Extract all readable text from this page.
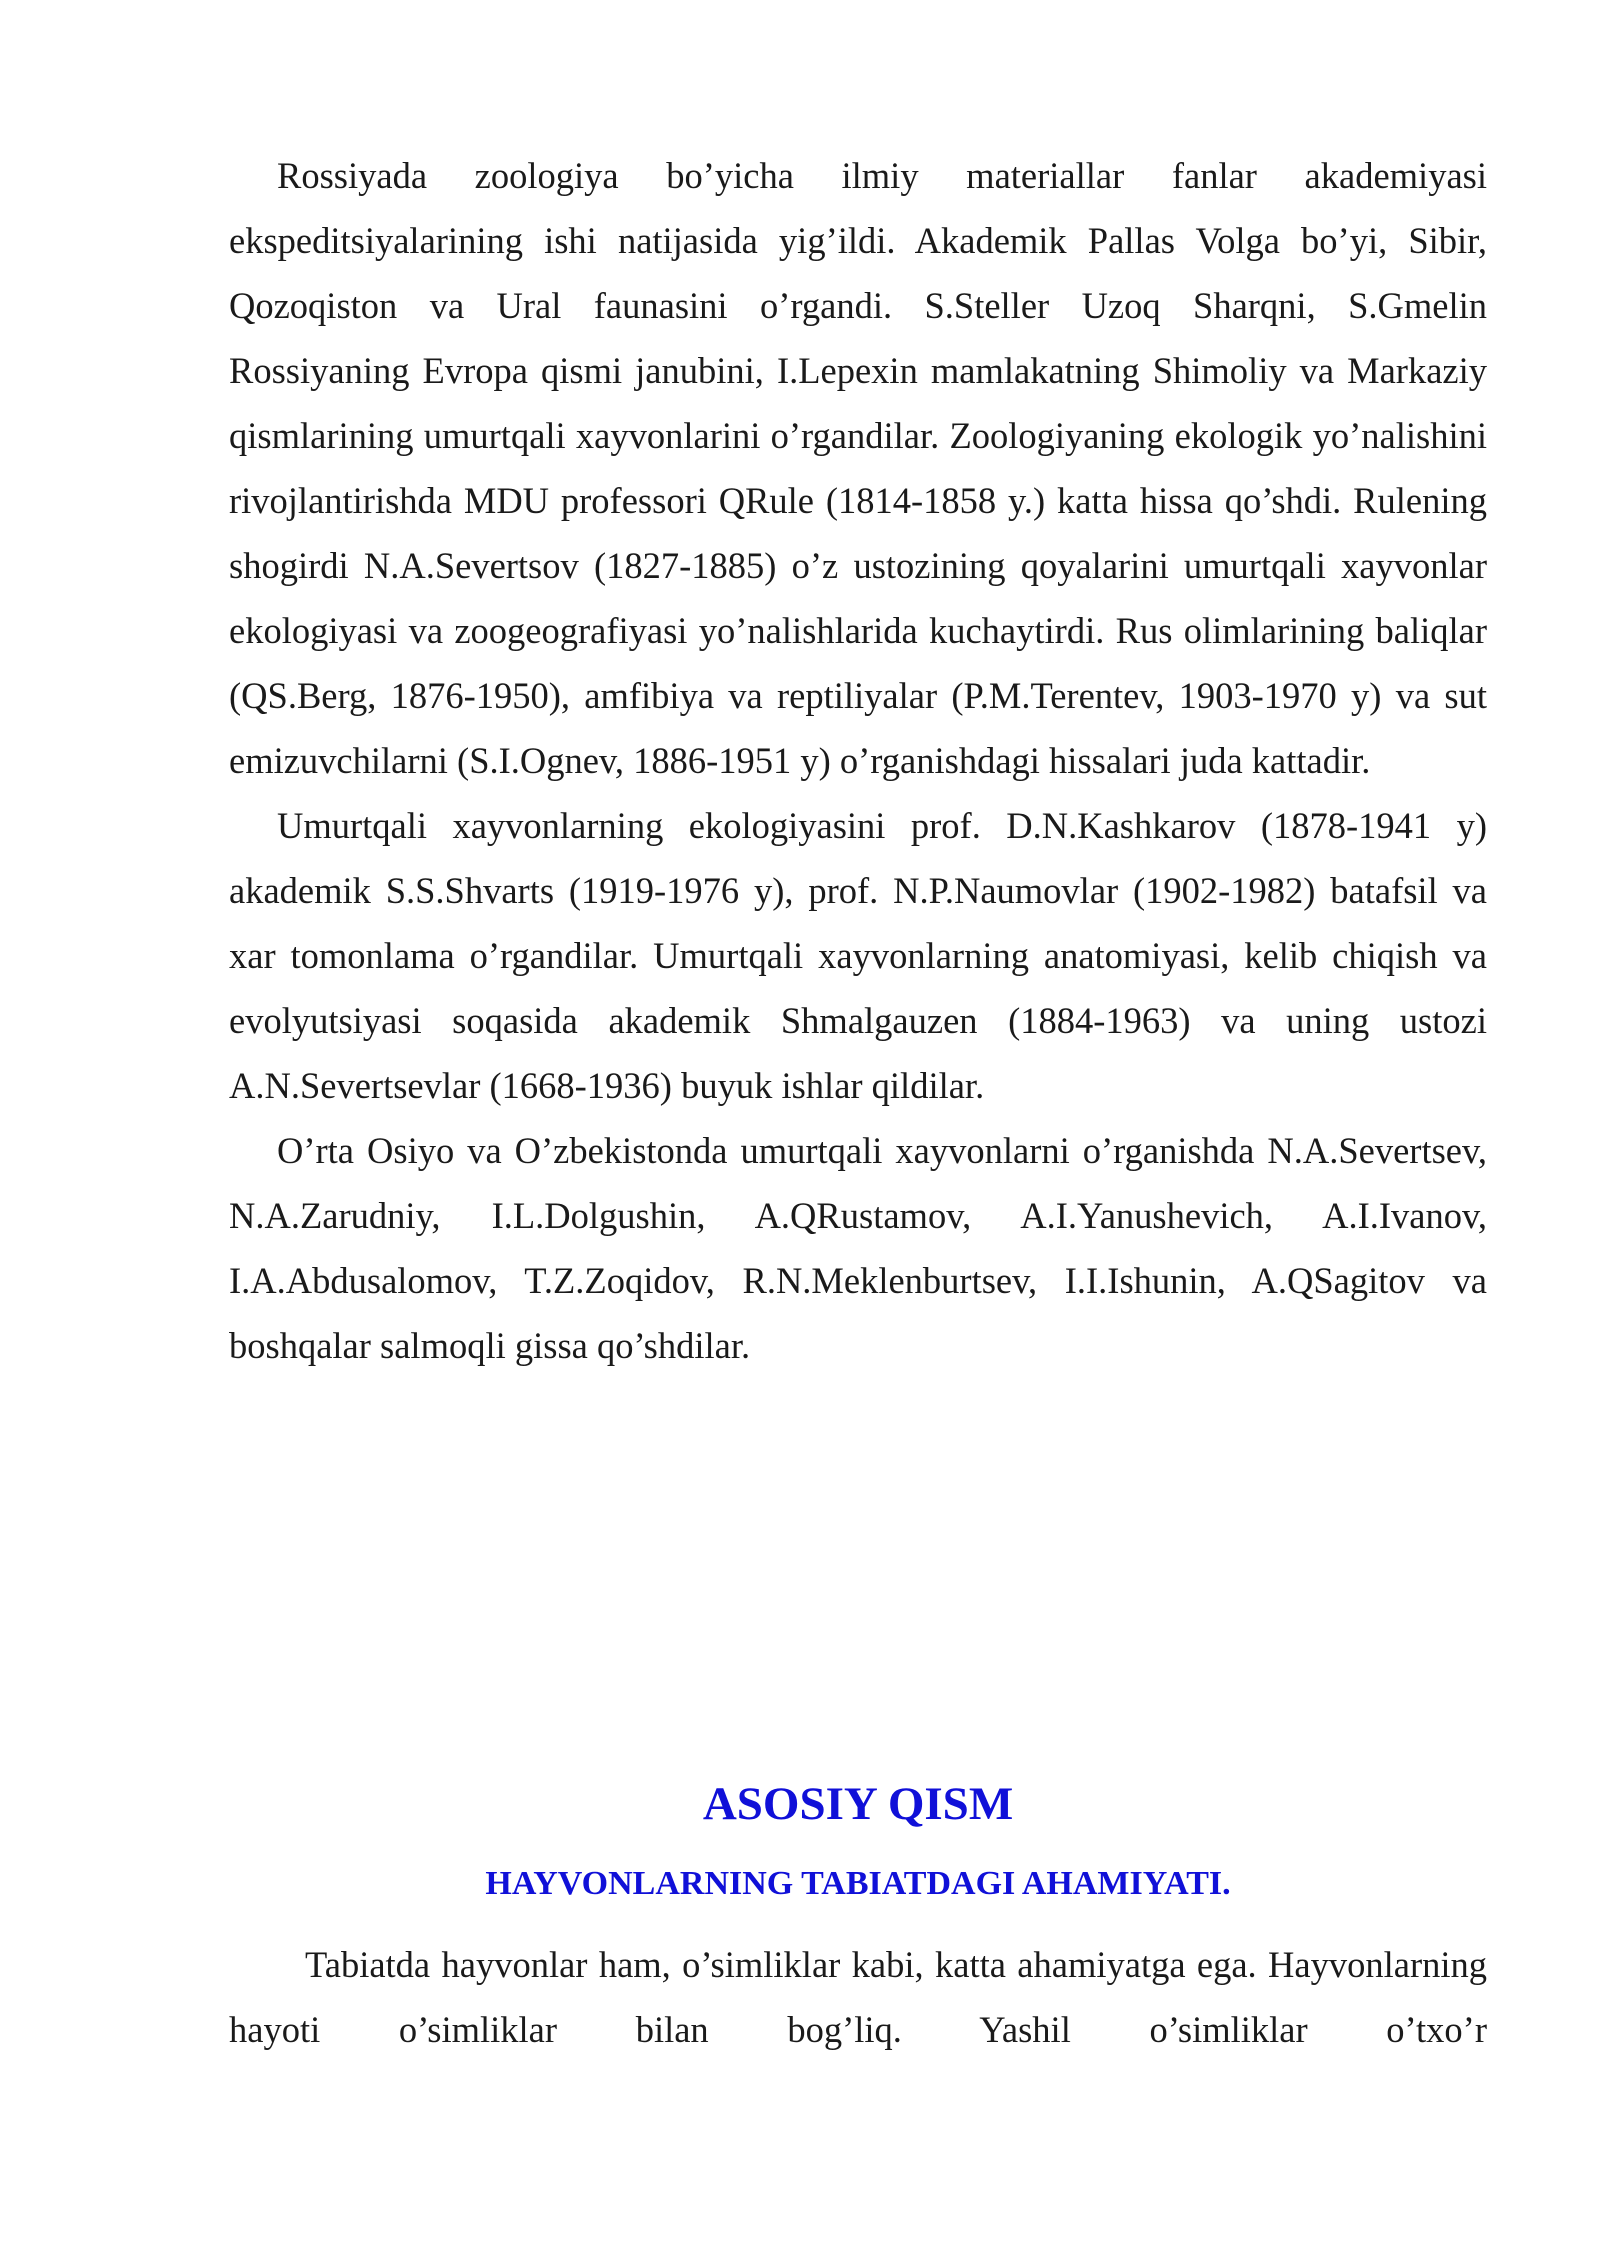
Rossiyada zoologiya bo’yicha ilmiy materiallar fanlar akademiyasi ekspeditsiyalarining ishi natijasida yig’ildi. Akademik Pallas Volga bo’yi, Sibir, Qozoqiston va Ural faunasini o’rgandi. S.Steller Uzoq Sharqni, S.Gmelin Rossiyaning Evropa qismi janubini, I.Lepexin mamlakatning Shimoliy va Markaziy qismlarining umurtqali xayvonlarini o’rgandilar. Zoologiyaning ekologik yo’nalishini rivojlantirishda MDU professori QRule (1814-1858 y.) katta hissa qo’shdi. Rulening shogirdi N.A.Severtsov (1827-1885) o’z ustozining qoyalarini umurtqali xayvonlar ekologiyasi va zoogeografiyasi yo’nalishlarida kuchaytirdi. Rus olimlarining baliqlar (QS.Berg, 1876-1950), amfibiya va reptiliyalar (P.M.Terentev, 1903-1970 y) va sut emizuvchilarni (S.I.Ognev, 1886-1951 y) o’rganishdagi hissalari juda kattadir.

Umurtqali xayvonlarning ekologiyasini prof. D.N.Kashkarov (1878-1941 y) akademik S.S.Shvarts (1919-1976 y), prof. N.P.Naumovlar (1902-1982) batafsil va xar tomonlama o’rgandilar. Umurtqali xayvonlarning anatomiyasi, kelib chiqish va evolyutsiyasi soqasida akademik Shmalgauzen (1884-1963) va uning ustozi A.N.Severtsevlar (1668-1936) buyuk ishlar qildilar.

O’rta Osiyo va O’zbekistonda umurtqali xayvonlarni o’rganishda N.A.Severtsev, N.A.Zarudniy, I.L.Dolgushin, A.QRustamov, A.I.Yanushevich, A.I.Ivanov, I.A.Abdusalomov, T.Z.Zoqidov, R.N.Meklenburtsev, I.I.Ishunin, A.QSagitov va boshqalar salmoqli gissa qo’shdilar.

ASOSIY QISM
HAYVONLARNING TABIATDAGI AHAMIYATI.

Tabiatda hayvonlar ham, o’simliklar kabi, katta ahamiyatga ega. Hayvonlarning hayoti o’simliklar bilan bog’liq. Yashil o’simliklar o’txo’r
